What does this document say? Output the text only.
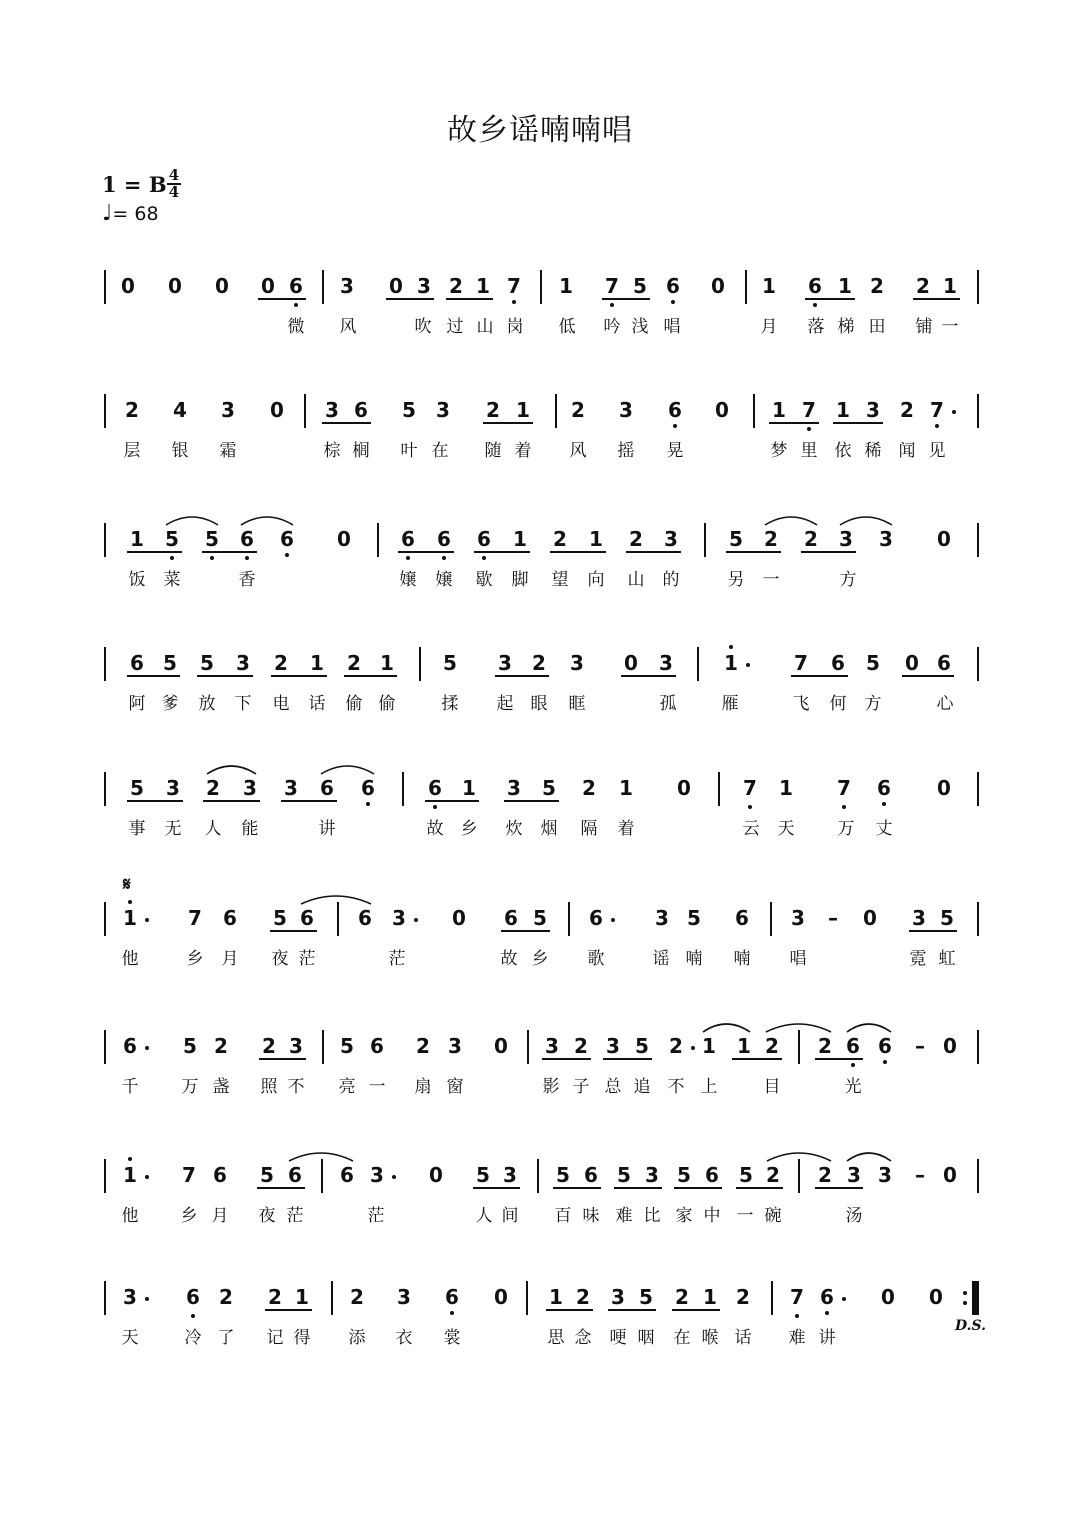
故乡谣喃喃唱
1 = B 4
4
♩= 68
𝄋
D.S.
0 0 0 0 6 3 0 3 2 1 7 1 7 5 6 0 1 6 1 2 2 1
微 风	吹 过 山 岗 低 吟 浅 唱	月 落 梯 田 铺 一
2 4 3 0 3 6 5 3 2 1 2 3 6 0 1 7 1 3 2 7
层 银 霜	棕 榈 叶 在 随 着 风 摇 晃	梦 里 依 稀 闻 见
1 5 5 6 6 0	6 6 6 1 2 1 2 3	5 2 2 3 3 0
饭 菜	香	嬢 嬢 歇 脚 望 向 山 的	另 一	方
6 5 5 3 2 1 2 1 5 3 2 3 0 3	1	7 6 5 0 6
阿 爹 放 下 电 话 偷 偷	揉 起 眼 眶	孤	雁	飞 何 方	心
5 3 2 3 3 6 6	6 1 3 5 2 1 0	7 1 7 6 0
事 无 人 能	讲	故 乡 炊 烟 隔 着	云 天	万 丈
1	7 6 5 6 6 3 0 6 5 6	3 5 6 3	–	0 3 5
他	乡 月 夜 茫	茫	故 乡 歌	谣 喃 喃 唱	霓 虹
6 5 2 2 3 5 6 2 3 0 3 2 3 5 2 1 1 2 2 6 6	– 0
千	万 盏 照 不 亮 一 扇 窗	影 子 总 追 不 上	目	光
1 7 6 5 6 6 3 0 5 3 5 6 5 3 5 6 5 2 2 3 3	– 0
他 乡 月 夜 茫	茫	人 间 百 味 难 比 家 中 一 碗	汤
3 6 2 2 1 2 3 6 0 1 2 3 5 2 1 2 7 6 0 0
天	冷 了 记 得 添 衣 裳	思 念 哽 咽 在 喉 话 难 讲
